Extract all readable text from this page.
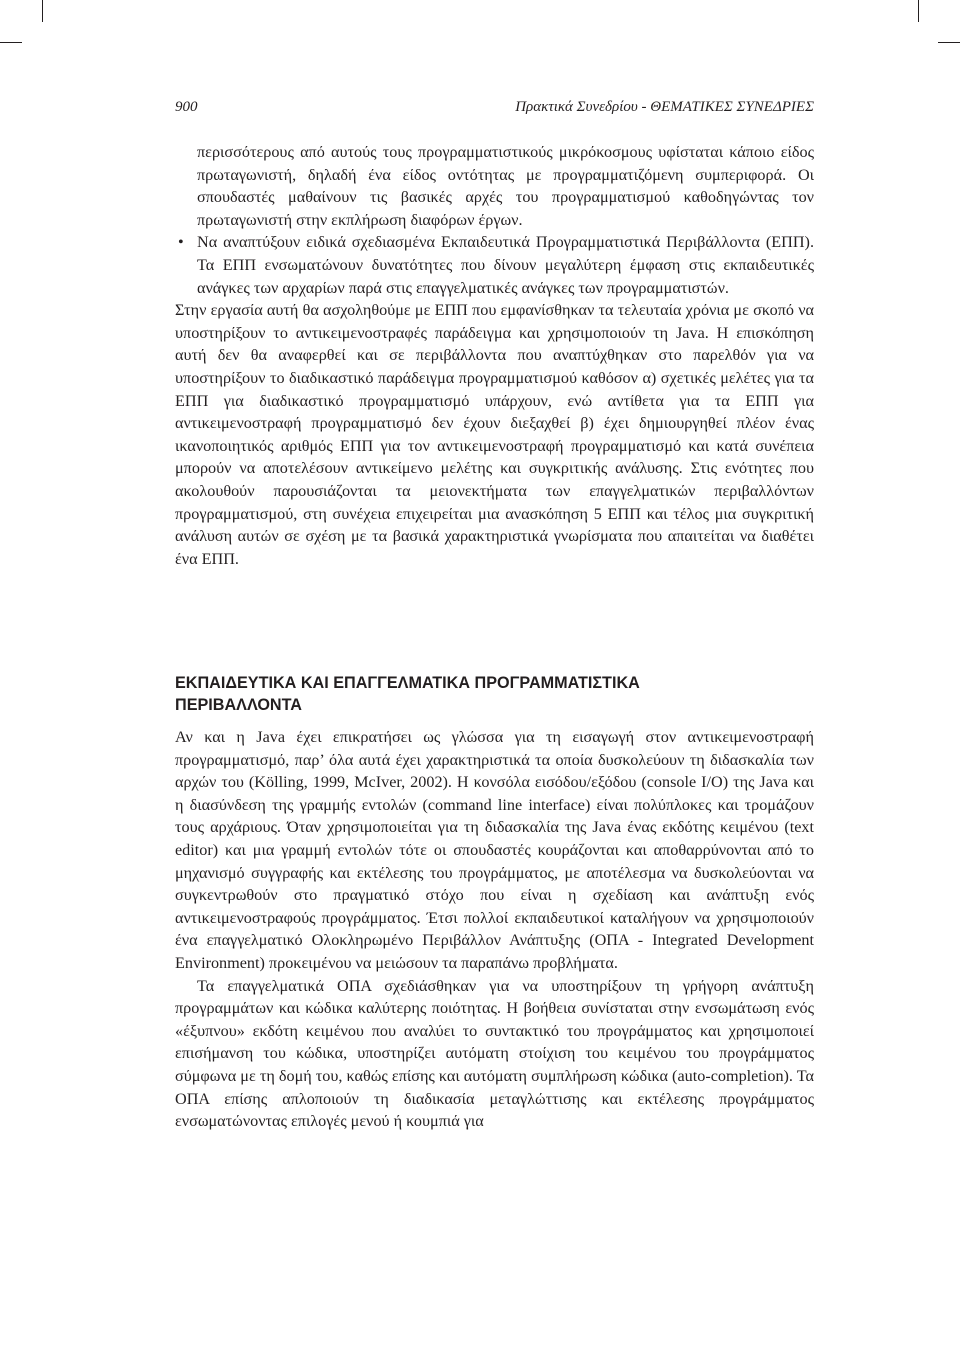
900	Πρακτικά Συνεδρίου - ΘΕΜΑΤΙΚΕΣ ΣΥΝΕΔΡΙΕΣ

περισσότερους από αυτούς τους προγραμματιστικούς μικρόκοσμους υφίσταται κάποιο είδος πρωταγωνιστή, δηλαδή ένα είδος οντότητας με προγραμματιζόμενη συμπεριφορά. Οι σπουδαστές μαθαίνουν τις βασικές αρχές του προγραμματισμού καθοδηγώντας τον πρωταγωνιστή στην εκπλήρωση διαφόρων έργων.

• Να αναπτύξουν ειδικά σχεδιασμένα Εκπαιδευτικά Προγραμματιστικά Περιβάλλοντα (ΕΠΠ). Τα ΕΠΠ ενσωματώνουν δυνατότητες που δίνουν μεγαλύτερη έμφαση στις εκπαιδευτικές ανάγκες των αρχαρίων παρά στις επαγγελματικές ανάγκες των προγραμματιστών.

Στην εργασία αυτή θα ασχοληθούμε με ΕΠΠ που εμφανίσθηκαν τα τελευταία χρόνια με σκοπό να υποστηρίξουν το αντικειμενοστραφές παράδειγμα και χρησιμοποιούν τη Java. Η επισκόπηση αυτή δεν θα αναφερθεί και σε περιβάλλοντα που αναπτύχθηκαν στο παρελθόν για να υποστηρίξουν το διαδικαστικό παράδειγμα προγραμματισμού καθόσον α) σχετικές μελέτες για τα ΕΠΠ για διαδικαστικό προγραμματισμό υπάρχουν, ενώ αντίθετα για τα ΕΠΠ για αντικειμενοστραφή προγραμματισμό δεν έχουν διεξαχθεί β) έχει δημιουργηθεί πλέον ένας ικανοποιητικός αριθμός ΕΠΠ για τον αντικειμενοστραφή προγραμματισμό και κατά συνέπεια μπορούν να αποτελέσουν αντικείμενο μελέτης και συγκριτικής ανάλυσης. Στις ενότητες που ακολουθούν παρουσιάζονται τα μειονεκτήματα των επαγγελματικών περιβαλλόντων προγραμματισμού, στη συνέχεια επιχειρείται μια ανασκόπηση 5 ΕΠΠ και τέλος μια συγκριτική ανάλυση αυτών σε σχέση με τα βασικά χαρακτηριστικά γνωρίσματα που απαιτείται να διαθέτει ένα ΕΠΠ.

ΕΚΠΑΙΔΕΥΤΙΚΑ ΚΑΙ ΕΠΑΓΓΕΛΜΑΤΙΚΑ ΠΡΟΓΡΑΜΜΑΤΙΣΤΙΚΑ

ΠΕΡΙΒΑΛΛΟΝΤΑ

Αν και η Java έχει επικρατήσει ως γλώσσα για τη εισαγωγή στον αντικειμενοστραφή προγραμματισμό, παρ’ όλα αυτά έχει χαρακτηριστικά τα οποία δυσκολεύουν τη διδασκαλία των αρχών του (Kölling, 1999, McIver, 2002). Η κονσόλα εισόδου/εξόδου (console I/O) της Java και η διασύνδεση της γραμμής εντολών (command line interface) είναι πολύπλοκες και τρομάζουν τους αρχάριους. Όταν χρησιμοποιείται για τη διδασκαλία της Java ένας εκδότης κειμένου (text editor) και μια γραμμή εντολών τότε οι σπουδαστές κουράζονται και αποθαρρύνονται από το μηχανισμό συγγραφής και εκτέλεσης του προγράμματος, με αποτέλεσμα να δυσκολεύονται να συγκεντρωθούν στο πραγματικό στόχο που είναι η σχεδίαση και ανάπτυξη ενός αντικειμενοστραφούς προγράμματος. Έτσι πολλοί εκπαιδευτικοί καταλήγουν να χρησιμοποιούν ένα επαγγελματικό Ολοκληρωμένο Περιβάλλον Ανάπτυξης (ΟΠΑ - Integrated Development Environment) προκειμένου να μειώσουν τα παραπάνω προβλήματα.

Τα επαγγελματικά ΟΠΑ σχεδιάσθηκαν για να υποστηρίξουν τη γρήγορη ανάπτυξη προγραμμάτων και κώδικα καλύτερης ποιότητας. Η βοήθεια συνίσταται στην ενσωμάτωση ενός «έξυπνου» εκδότη κειμένου που αναλύει το συντακτικό του προγράμματος και χρησιμοποιεί επισήμανση του κώδικα, υποστηρίζει αυτόματη στοίχιση του κειμένου του προγράμματος σύμφωνα με τη δομή του, καθώς επίσης και αυτόματη συμπλήρωση κώδικα (auto-completion). Τα ΟΠΑ επίσης απλοποιούν τη διαδικασία μεταγλώττισης και εκτέλεσης προγράμματος ενσωματώνοντας επιλογές μενού ή κουμπιά για
